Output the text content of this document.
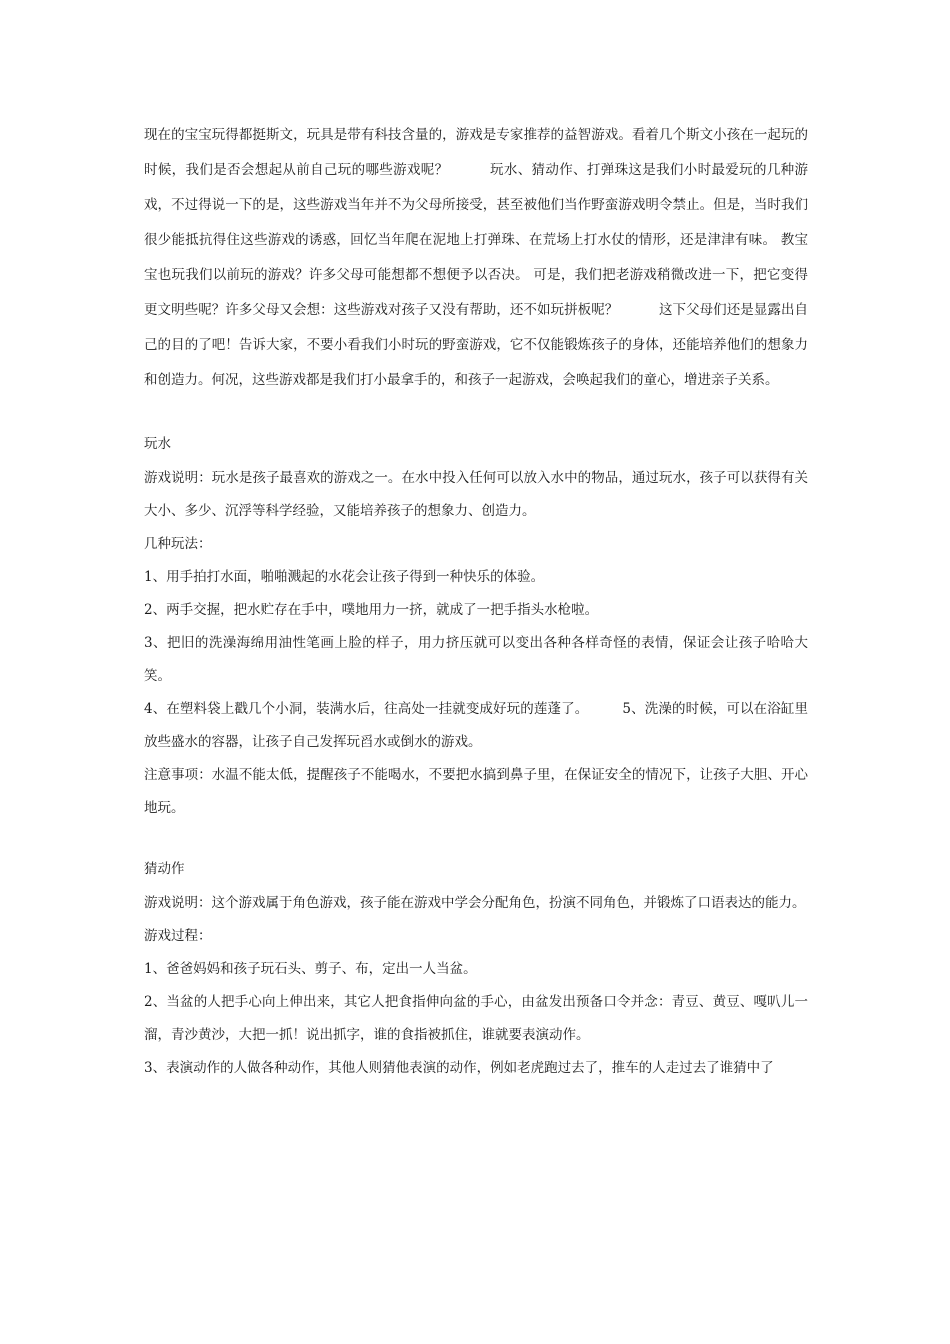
现在的宝宝玩得都挺斯文，玩具是带有科技含量的，游戏是专家推荐的益智游戏。看着几个斯文小孩在一起玩的时候，我们是否会想起从前自己玩的哪些游戏呢？　　　玩水、猜动作、打弹珠这是我们小时最爱玩的几种游戏，不过得说一下的是，这些游戏当年并不为父母所接受，甚至被他们当作野蛮游戏明令禁止。但是，当时我们很少能抵抗得住这些游戏的诱惑，回忆当年爬在泥地上打弹珠、在荒场上打水仗的情形，还是津津有味。 教宝宝也玩我们以前玩的游戏？许多父母可能想都不想便予以否决。 可是，我们把老游戏稍微改进一下，把它变得更文明些呢？许多父母又会想：这些游戏对孩子又没有帮助，还不如玩拼板呢？　　　这下父母们还是显露出自己的目的了吧！告诉大家，不要小看我们小时玩的野蛮游戏，它不仅能锻炼孩子的身体，还能培养他们的想象力和创造力。何况，这些游戏都是我们打小最拿手的，和孩子一起游戏，会唤起我们的童心，增进亲子关系。

玩水

游戏说明：玩水是孩子最喜欢的游戏之一。在水中投入任何可以放入水中的物品，通过玩水，孩子可以获得有关大小、多少、沉浮等科学经验，又能培养孩子的想象力、创造力。

几种玩法：

1、用手拍打水面，啪啪溅起的水花会让孩子得到一种快乐的体验。

2、两手交握，把水贮存在手中，噗地用力一挤，就成了一把手指头水枪啦。

3、把旧的洗澡海绵用油性笔画上脸的样子，用力挤压就可以变出各种各样奇怪的表情，保证会让孩子哈哈大笑。

4、在塑料袋上戳几个小洞，装满水后，往高处一挂就变成好玩的莲蓬了。　　　5、洗澡的时候，可以在浴缸里放些盛水的容器，让孩子自己发挥玩舀水或倒水的游戏。

注意事项：水温不能太低，提醒孩子不能喝水，不要把水搞到鼻子里，在保证安全的情况下，让孩子大胆、开心地玩。

猜动作

游戏说明：这个游戏属于角色游戏，孩子能在游戏中学会分配角色，扮演不同角色，并锻炼了口语表达的能力。

游戏过程：

1、爸爸妈妈和孩子玩石头、剪子、布，定出一人当盆。

2、当盆的人把手心向上伸出来，其它人把食指伸向盆的手心，由盆发出预备口令并念：青豆、黄豆、嘎叭儿一溜，青沙黄沙，大把一抓！说出抓字，谁的食指被抓住，谁就要表演动作。

3、表演动作的人做各种动作，其他人则猜他表演的动作，例如老虎跑过去了，推车的人走过去了谁猜中了
